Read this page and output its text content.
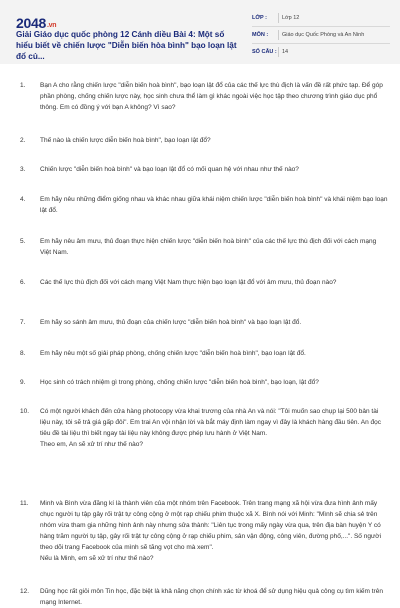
2048.vn
Giải Giáo dục quốc phòng 12 Cánh diều Bài 4: Một số hiểu biết về chiến lược "Diễn biến hòa bình" bạo loạn lật đổ củ...
LỚP :	Lớp 12
MÔN :	Giáo dục Quốc Phòng và An Ninh
SỐ CÂU : 14
1.	Bạn A cho rằng chiến lược "diễn biến hoà bình", bạo loạn lật đổ của các thế lực thù địch là vấn đề rất phức tạp. Để góp phần phòng, chống chiến lược này, học sinh chưa thể làm gì khác ngoài việc học tập theo chương trình giáo dục phổ thông. Em có đồng ý với bạn A không? Vì sao?
2.	Thế nào là chiến lược diễn biến hoà bình", bạo loạn lật đổ?
3.	Chiến lược "diễn biến hoà bình" và bạo loạn lật đổ có mối quan hệ với nhau như thế nào?
4.	Em hãy nêu những điểm giống nhau và khác nhau giữa khái niệm chiến lược "diễn biến hoà bình" và khái niệm bạo loạn lật đổ.
5.	Em hãy nêu âm mưu, thủ đoạn thực hiện chiến lược "diễn biến hoà bình" của các thế lực thù địch đối với cách mạng Việt Nam.
6.	Các thế lực thù địch đối với cách mạng Việt Nam thực hiện bạo loạn lật đổ với âm mưu, thủ đoạn nào?
7.	Em hãy so sánh âm mưu, thủ đoạn của chiến lược "diễn biến hoà bình" và bạo loạn lật đổ.
8.	Em hãy nêu một số giải pháp phòng, chống chiến lược "diễn biến hoà bình", bạo loạn lật đổ.
9.	Học sinh có trách nhiệm gì trong phòng, chống chiến lược "diễn biến hoà bình", bạo loạn, lật đổ?
10.	Có một người khách đến cửa hàng photocopy vừa khai trương của nhà An và nói: "Tôi muốn sao chụp lại 500 bản tài liệu này, tôi sẽ trả giá gấp đôi". Em trai An vội nhận lời và bắt máy định làm ngay vì đây là khách hàng đầu tiên. An đọc tiêu đề tài liệu thì biết ngay tài liệu này không được phép lưu hành ở Việt Nam.
Theo em, An sẽ xử trí như thế nào?
11.	Minh và Bình vừa đăng kí là thành viên của một nhóm trên Facebook. Trên trang mạng xã hội vừa đưa hình ảnh mấy chục người tụ tập gây rối trật tự công cộng ở một rạp chiếu phim thuộc xã X. Bình nói với Minh: "Mình sẽ chia sẻ trên nhóm vừa tham gia những hình ảnh này nhưng sửa thành: "Liên tục trong mấy ngày vừa qua, trên địa bàn huyện Y có hàng trăm người tụ tập, gây rối trật tự công cộng ở rạp chiếu phim, sân vận động, công viên, đường phố,...". Số người theo dõi trang Facebook của mình sẽ tăng vọt cho mà xem".
Nếu là Minh, em sẽ xử trí như thế nào?
12.	Dũng học rất giỏi môn Tin học, đặc biệt là khả năng chọn chính xác từ khoá để sử dụng hiệu quả công cụ tìm kiếm trên mạng Internet.
